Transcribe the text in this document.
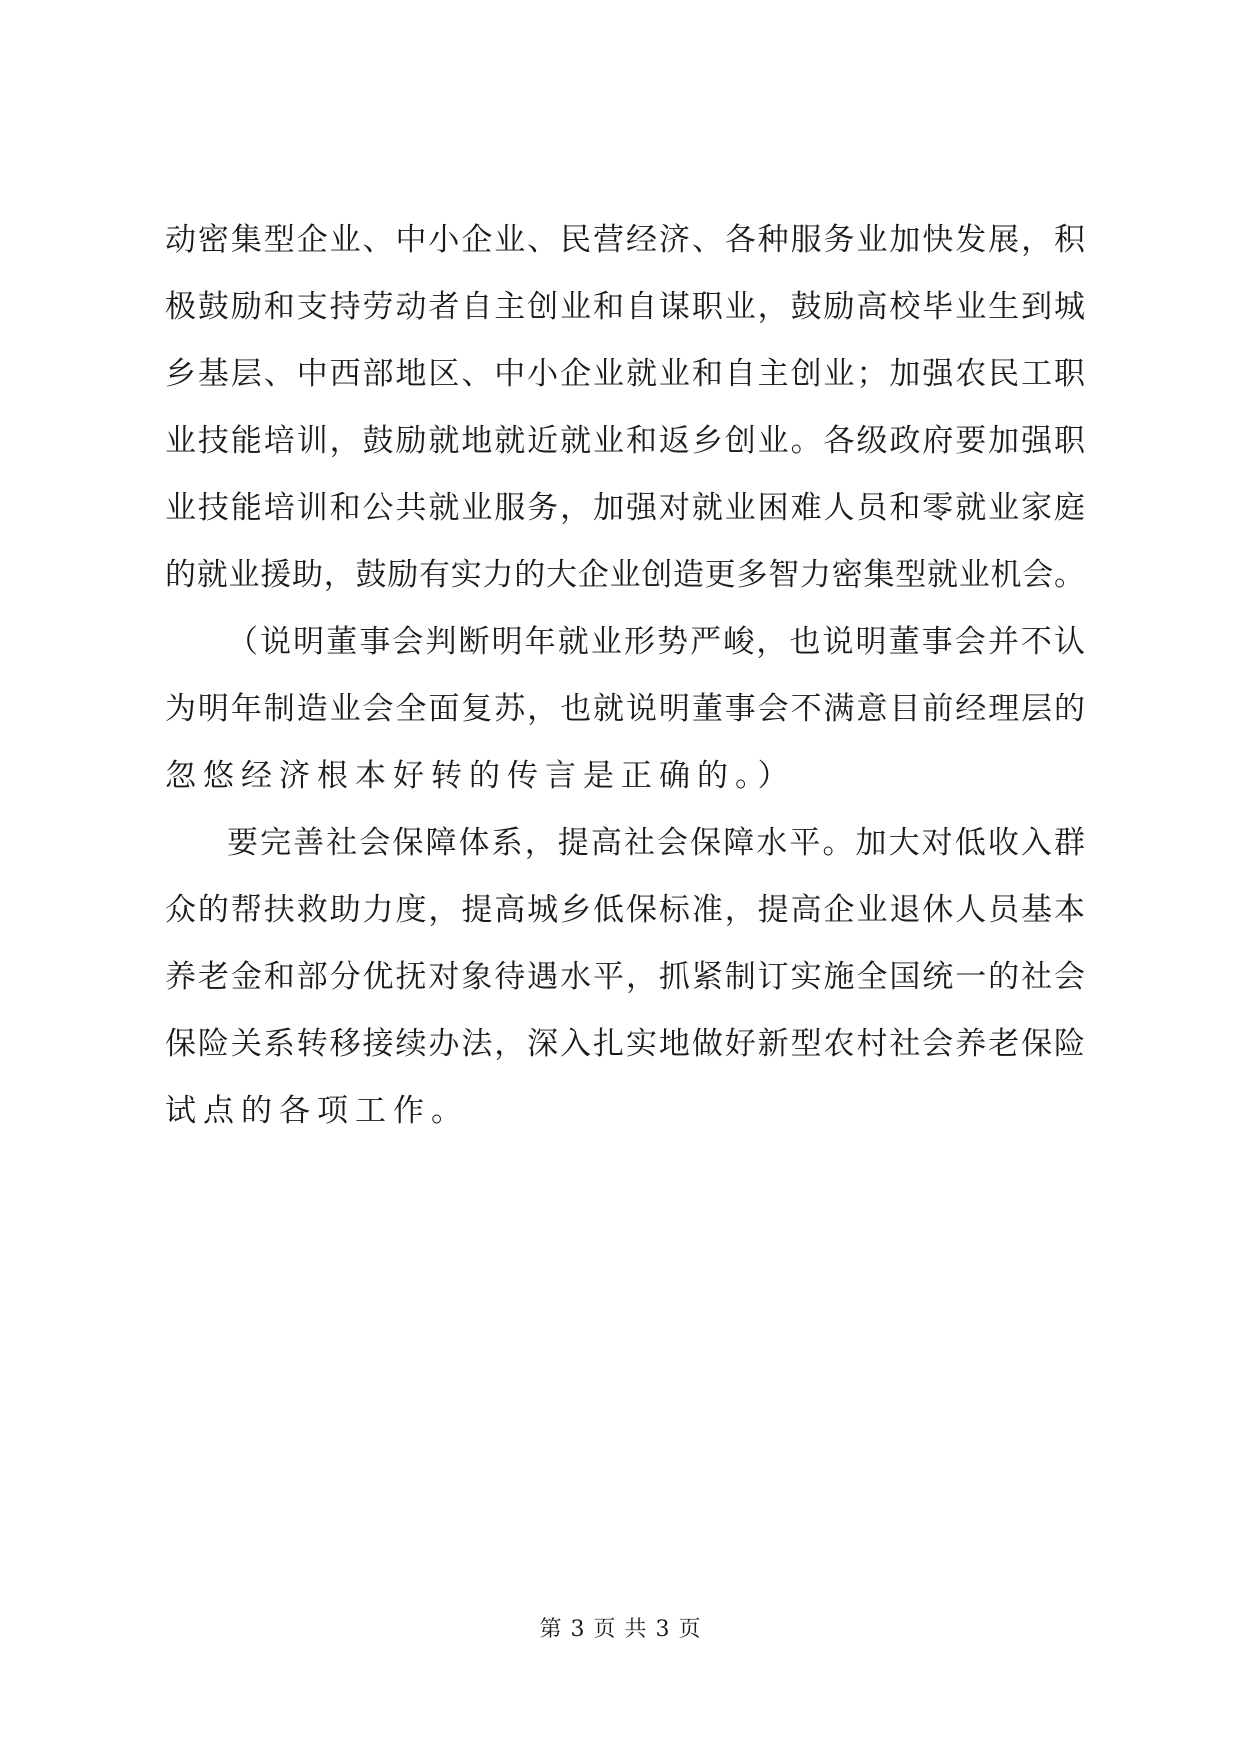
动密集型企业、中小企业、民营经济、各种服务业加快发展，积
极鼓励和支持劳动者自主创业和自谋职业，鼓励高校毕业生到城
乡基层、中西部地区、中小企业就业和自主创业；加强农民工职
业技能培训，鼓励就地就近就业和返乡创业。各级政府要加强职
业技能培训和公共就业服务，加强对就业困难人员和零就业家庭
的就业援助，鼓励有实力的大企业创造更多智力密集型就业机会。
（说明董事会判断明年就业形势严峻，也说明董事会并不认
为明年制造业会全面复苏，也就说明董事会不满意目前经理层的
忽悠经济根本好转的传言是正确的。）
要完善社会保障体系，提高社会保障水平。加大对低收入群
众的帮扶救助力度，提高城乡低保标准，提高企业退休人员基本
养老金和部分优抚对象待遇水平，抓紧制订实施全国统一的社会
保险关系转移接续办法，深入扎实地做好新型农村社会养老保险
试点的各项工作。
第 3 页 共 3 页
